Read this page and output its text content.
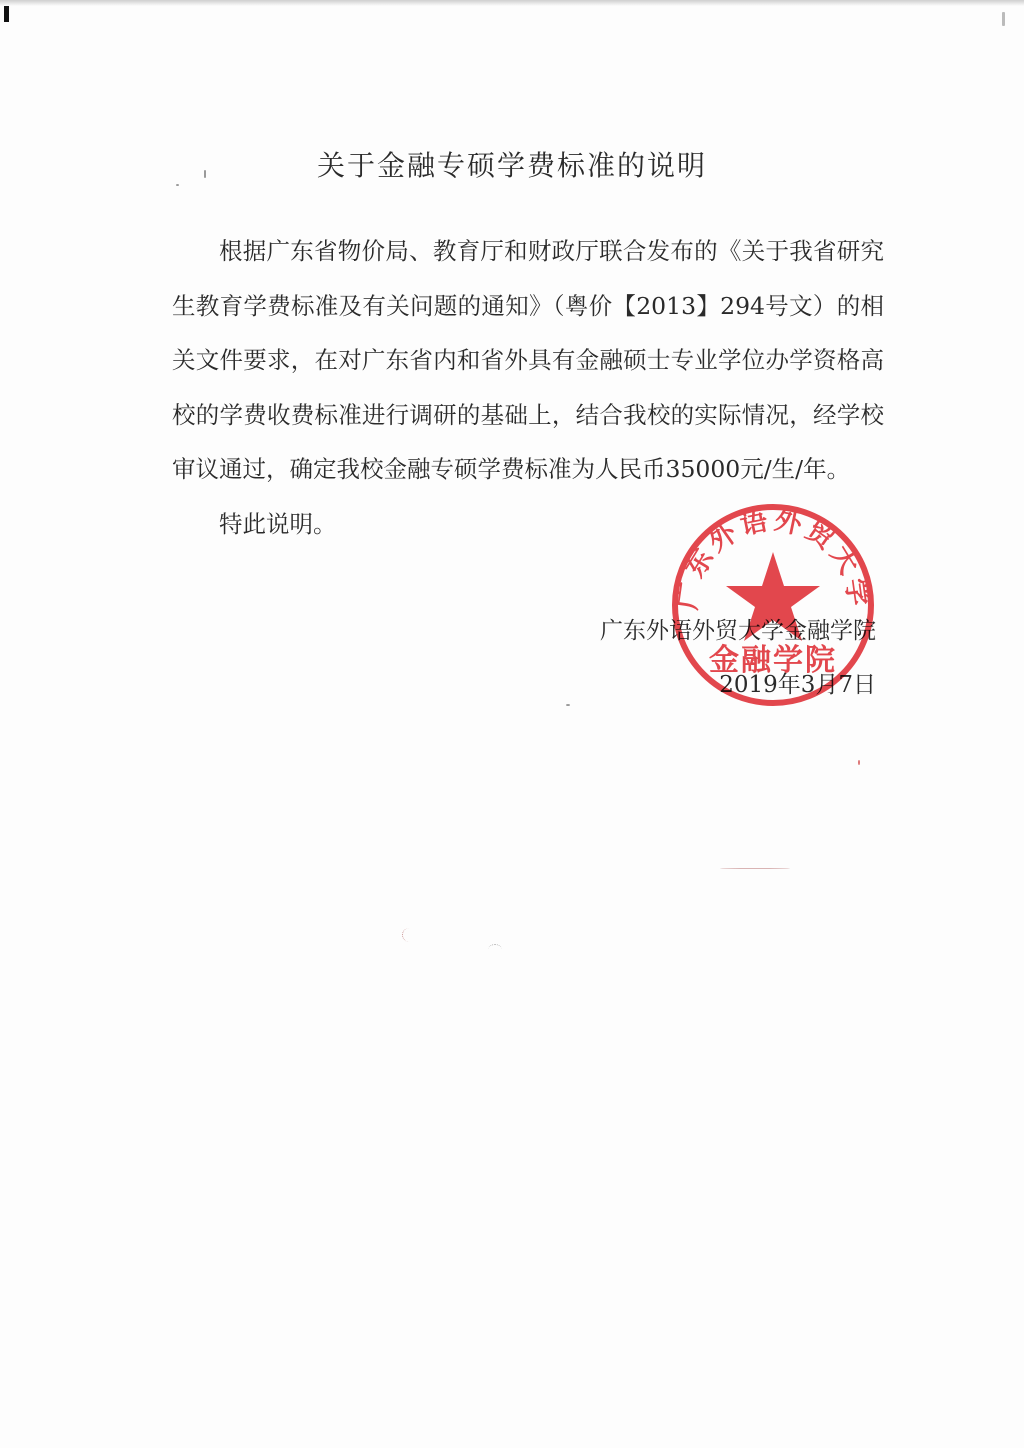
关于金融专硕学费标准的说明

根据广东省物价局、教育厅和财政厅联合发布的《关于我省研究生教育学费标准及有关问题的通知》（粤价【2013】294号文）的相关文件要求，在对广东省内和省外具有金融硕士专业学位办学资格高校的学费收费标准进行调研的基础上，结合我校的实际情况，经学校审议通过，确定我校金融专硕学费标准为人民币35000元/生/年。

特此说明。

广东外语外贸大学金融学院
2019年3月7日
广东外语外贸大学
金融学院
